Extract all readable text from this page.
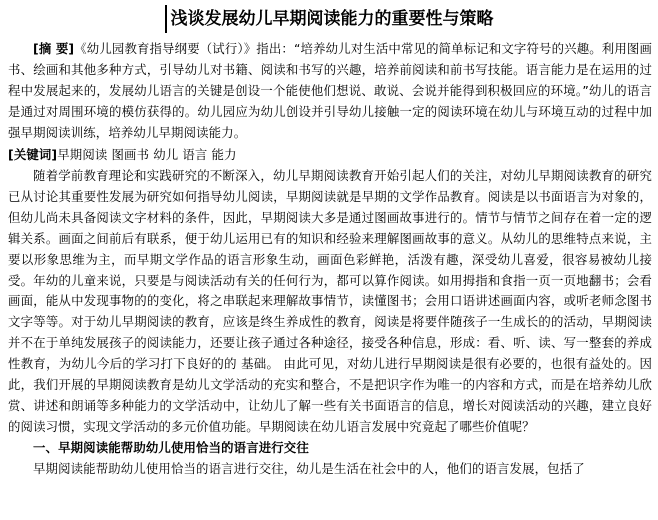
浅谈发展幼儿早期阅读能力的重要性与策略
[摘 要]《幼儿园教育指导纲要（试行）》指出：“培养幼儿对生活中常见的简单标记和文字符号的兴趣。利用图画书、绘画和其他多种方式，引导幼儿对书籍、阅读和书写的兴趣，培养前阅读和前书写技能。语言能力是在运用的过程中发展起来的，发展幼儿语言的关键是创设一个能使他们想说、敢说、会说并能得到积极回应的环境。”幼儿的语言是通过对周围环境的模仿获得的。幼儿园应为幼儿创设并引导幼儿接触一定的阅读环境在幼儿与环境互动的过程中加强早期阅读训练，培养幼儿早期阅读能力。
[关键词]早期阅读 图画书 幼儿 语言 能力

随着学前教育理论和实践研究的不断深入，幼儿早期阅读教育开始引起人们的关注，对幼儿早期阅读教育的研究已从讨论其重要性发展为研究如何指导幼儿阅读，早期阅读就是早期的文学作品教育。阅读是以书面语言为对象的，但幼儿尚未具备阅读文字材料的条件，因此，早期阅读大多是通过图画故事进行的。情节与情节之间存在着一定的逻辑关系。画面之间前后有联系，便于幼儿运用已有的知识和经验来理解图画故事的意义。从幼儿的思维特点来说，主要以形象思维为主，而早期文学作品的语言形象生动，画面色彩鲜艳，活泼有趣，深受幼儿喜爱，很容易被幼儿接受。年幼的儿童来说，只要是与阅读活动有关的任何行为，都可以算作阅读。如用拇指和食指一页一页地翻书；会看画面，能从中发现事物的的变化，将之串联起来理解故事情节，读懂图书；会用口语讲述画面内容，或听老师念图书文字等等。对于幼儿早期阅读的教育，应该是终生养成性的教育，阅读是将要伴随孩子一生成长的的活动，早期阅读并不在于单纯发展孩子的阅读能力，还要让孩子通过各种途径，接受各种信息，形成：看、听、读、写一整套的养成性教育，为幼儿今后的学习打下良好的的 基础。 由此可见，对幼儿进行早期阅读是很有必要的，也很有益处的。因此，我们开展的早期阅读教育是幼儿文学活动的充实和整合，不是把识字作为唯一的内容和方式，而是在培养幼儿欣赏、讲述和朗诵等多种能力的文学活动中，让幼儿了解一些有关书面语言的信息，增长对阅读活动的兴趣，建立良好的阅读习惯，实现文学活动的多元价值功能。早期阅读在幼儿语言发展中究竟起了哪些价值呢？

一、早期阅读能帮助幼儿使用恰当的语言进行交往

早期阅读能帮助幼儿使用恰当的语言进行交往，幼儿是生活在社会中的人，他们的语言发展，包括了
